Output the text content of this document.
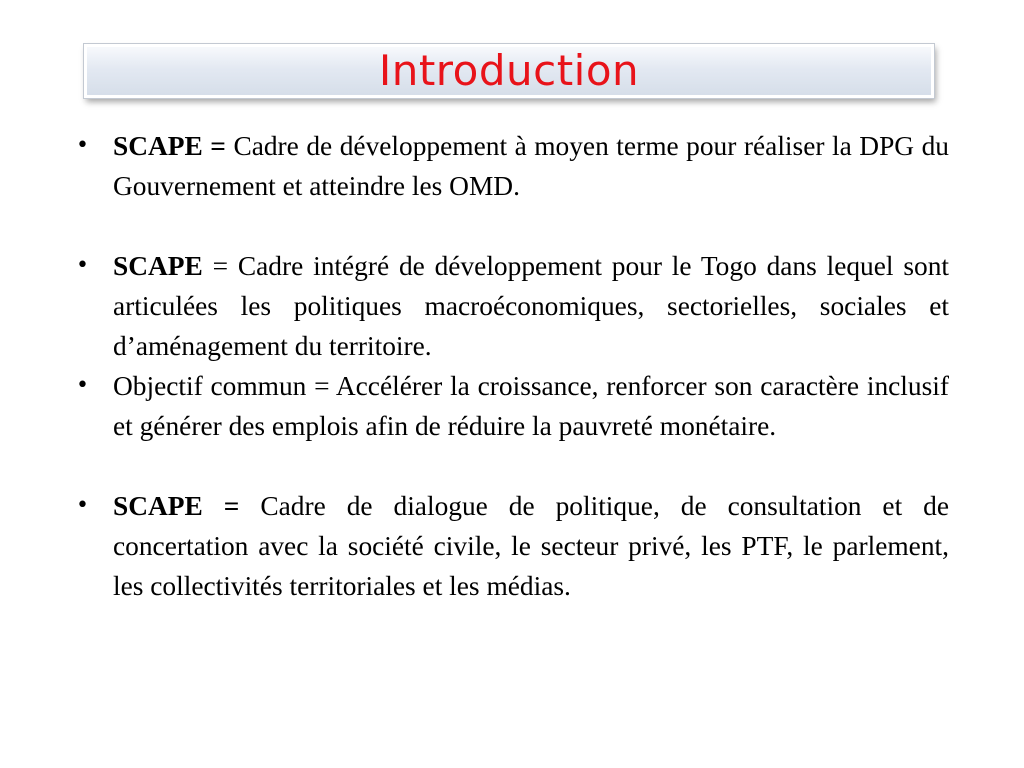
Introduction
• SCAPE = Cadre de développement à moyen terme pour réaliser la DPG du Gouvernement et atteindre les OMD.
• SCAPE = Cadre intégré de développement pour le Togo dans lequel sont articulées les politiques macroéconomiques, sectorielles, sociales et d’aménagement du territoire.
• Objectif commun = Accélérer la croissance, renforcer son caractère inclusif et générer des emplois afin de réduire la pauvreté monétaire.
• SCAPE = Cadre de dialogue de politique, de consultation et de concertation avec la société civile, le secteur privé, les PTF, le parlement, les collectivités territoriales et les médias.
